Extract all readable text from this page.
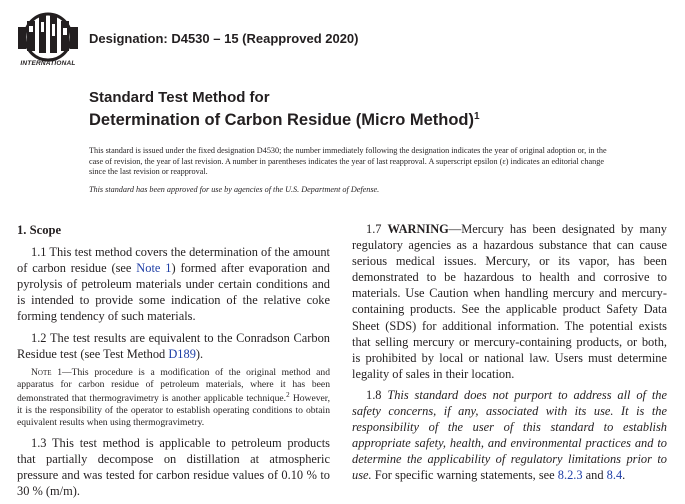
INTERNATIONAL
Designation: D4530 – 15 (Reapproved 2020)
Standard Test Method for
Determination of Carbon Residue (Micro Method)$^1$

This standard is issued under the fixed designation D4530; the number immediately following the designation indicates the year of original adoption or, in the case of revision, the year of last revision. A number in parentheses indicates the year of last reapproval. A superscript epsilon (ε) indicates an editorial change since the last revision or reapproval.

This standard has been approved for use by agencies of the U.S. Department of Defense.

1. Scope

1.1 This test method covers the determination of the amount of carbon residue (see Note 1) formed after evaporation and pyrolysis of petroleum materials under certain conditions and is intended to provide some indication of the relative coke forming tendency of such materials.

1.2 The test results are equivalent to the Conradson Carbon Residue test (see Test Method D189).

Note 1—This procedure is a modification of the original method and apparatus for carbon residue of petroleum materials, where it has been demonstrated that thermogravimetry is another applicable technique.$^2$ However, it is the responsibility of the operator to establish operating conditions to obtain equivalent results when using thermogravimetry.

1.3 This test method is applicable to petroleum products that partially decompose on distillation at atmospheric pressure and was tested for carbon residue values of 0.10 % to 30 % (m/m).

1.7 WARNING—Mercury has been designated by many regulatory agencies as a hazardous substance that can cause serious medical issues. Mercury, or its vapor, has been demonstrated to be hazardous to health and corrosive to materials. Use Caution when handling mercury and mercury-containing products. See the applicable product Safety Data Sheet (SDS) for additional information. The potential exists that selling mercury or mercury-containing products, or both, is prohibited by local or national law. Users must determine legality of sales in their location.

1.8 This standard does not purport to address all of the safety concerns, if any, associated with its use. It is the responsibility of the user of this standard to establish appropriate safety, health, and environmental practices and to determine the applicability of regulatory limitations prior to use. For specific warning statements, see 8.2.3 and 8.4.
